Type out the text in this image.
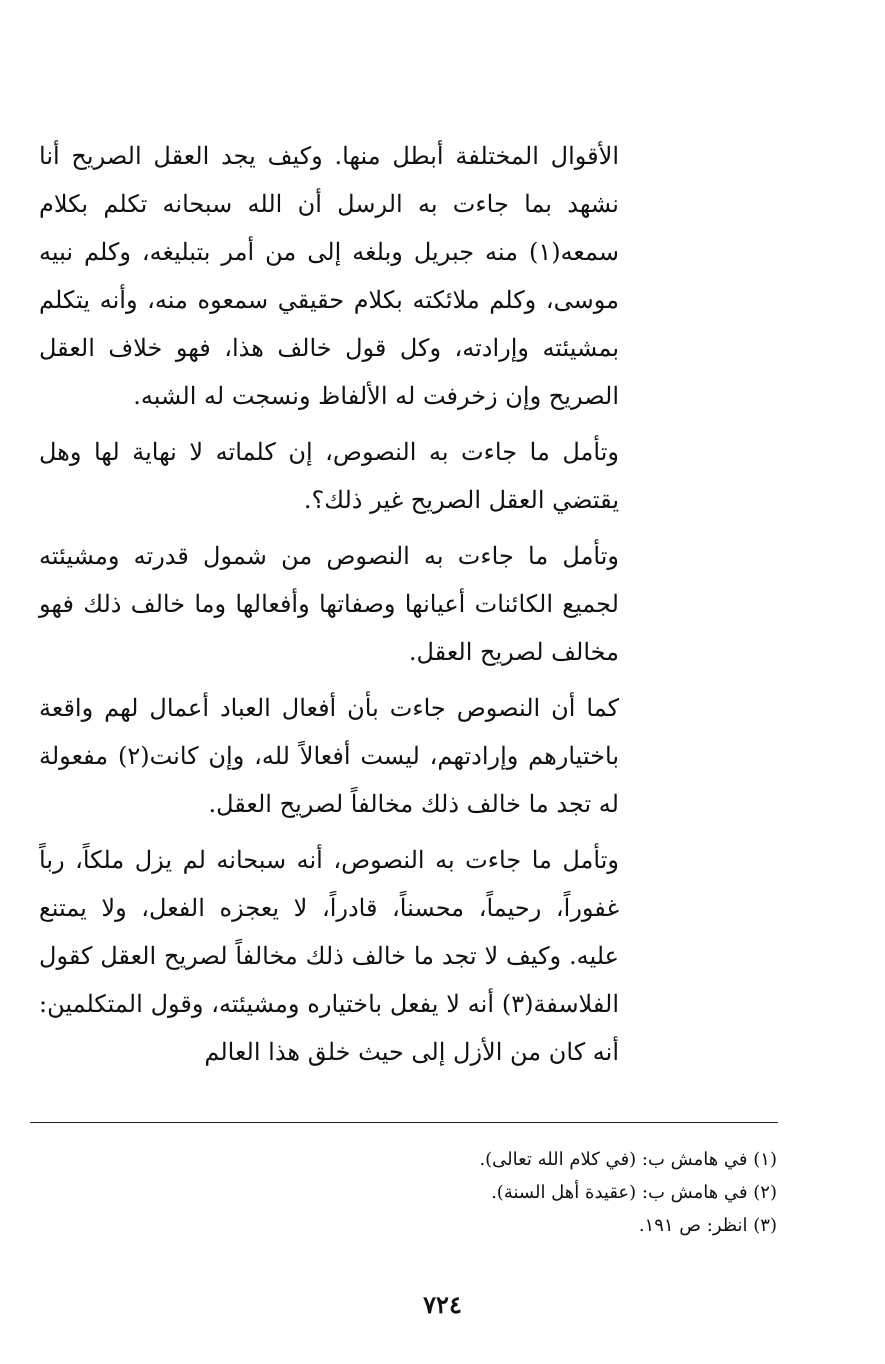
الأقوال المختلفة أبطل منها. وكيف يجد العقل الصريح أنا نشهد بما جاءت به الرسل أن الله سبحانه تكلم بكلام سمعه(١) منه جبريل وبلغه إلى من أمر بتبليغه، وكلم نبيه موسى، وكلم ملائكته بكلام حقيقي سمعوه منه، وأنه يتكلم بمشيئته وإرادته، وكل قول خالف هذا، فهو خلاف العقل الصريح وإن زخرفت له الألفاظ ونسجت له الشبه.

وتأمل ما جاءت به النصوص، إن كلماته لا نهاية لها وهل يقتضي العقل الصريح غير ذلك؟.

وتأمل ما جاءت به النصوص من شمول قدرته ومشيئته لجميع الكائنات أعيانها وصفاتها وأفعالها وما خالف ذلك فهو مخالف لصريح العقل.

كما أن النصوص جاءت بأن أفعال العباد أعمال لهم واقعة باختيارهم وإرادتهم، ليست أفعالاً لله، وإن كانت(٢) مفعولة له تجد ما خالف ذلك مخالفاً لصريح العقل.

وتأمل ما جاءت به النصوص، أنه سبحانه لم يزل ملكاً، رباً غفوراً، رحيماً، محسناً، قادراً، لا يعجزه الفعل، ولا يمتنع عليه. وكيف لا تجد ما خالف ذلك مخالفاً لصريح العقل كقول الفلاسفة(٣) أنه لا يفعل باختياره ومشيئته، وقول المتكلمين: أنه كان من الأزل إلى حيث خلق هذا العالم

(١) في هامش ب: (في كلام الله تعالى).
(٢) في هامش ب: (عقيدة أهل السنة).
(٣) انظر: ص ١٩١.
٧٢٤
